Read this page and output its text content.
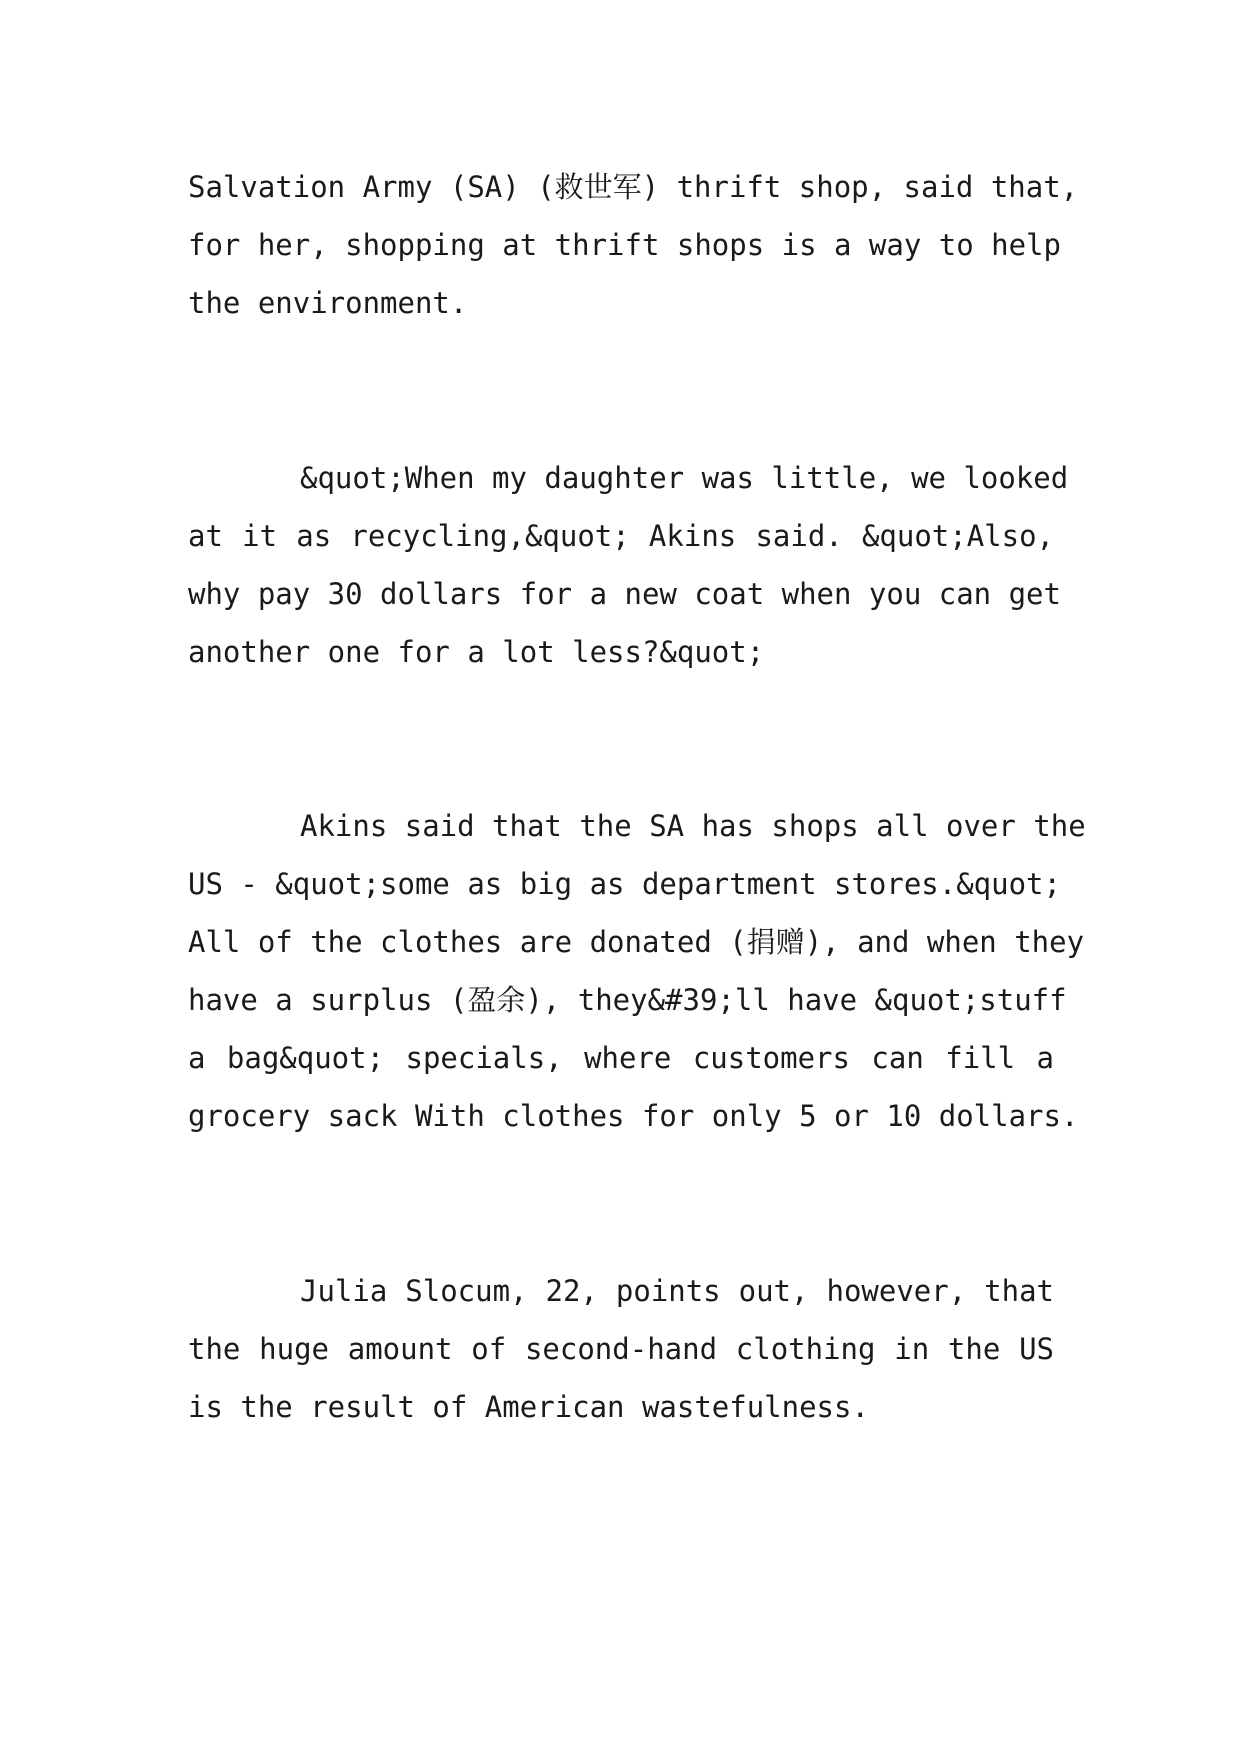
Salvation Army (SA) (救世军) thrift shop, said that,

for her, shopping at thrift shops is a way to help

the environment.

&quot;When my daughter was little, we looked

at it as recycling,&quot; Akins said. &quot;Also,

why pay 30 dollars for a new coat when you can get

another one for a lot less?&quot;

Akins said that the SA has shops all over the

US - &quot;some as big as department stores.&quot;

All of the clothes are donated (捐赠), and when they

have a surplus (盈余), they&#39;ll have &quot;stuff

a bag&quot; specials, where customers can fill a

grocery sack With clothes for only 5 or 10 dollars.

Julia Slocum, 22, points out, however, that

the huge amount of second-hand clothing in the US

is the result of American wastefulness.
